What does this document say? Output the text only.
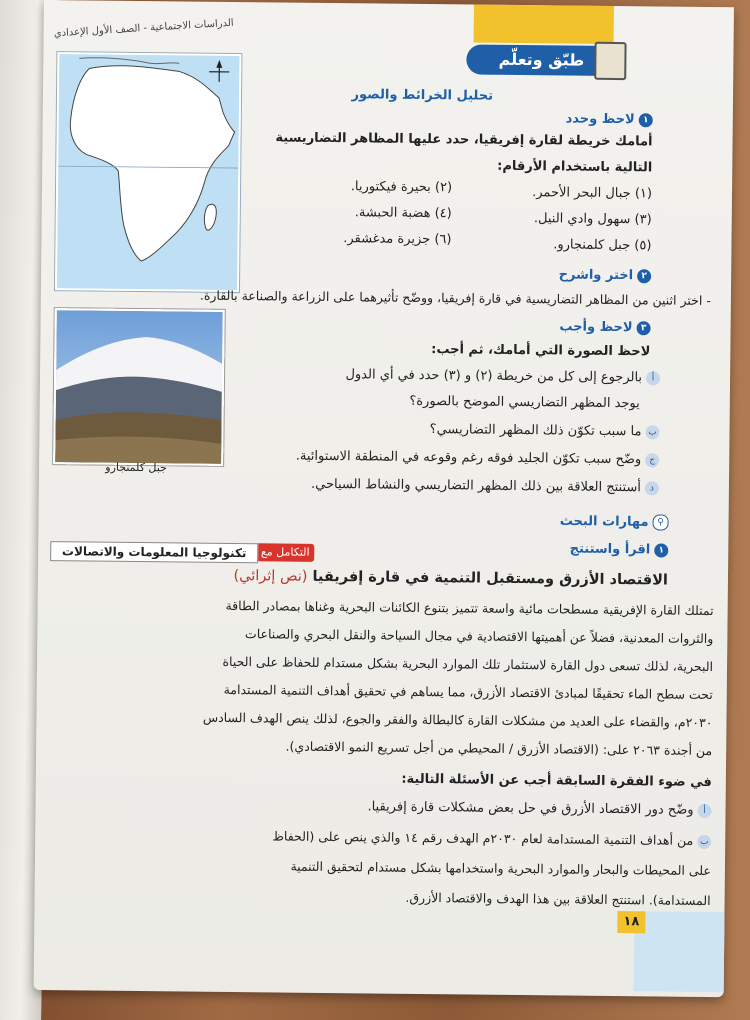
الدراسات الاجتماعية - الصف الأول الإعدادي
طبّق وتعلّم
تحليل الخرائط والصور
١لاحظ وحدد
أمامك خريطة لقارة إفريقيا، حدد عليها المظاهر التضاريسية
التالية باستخدام الأرقام:
(١) جبال البحر الأحمر.
(٢) بحيرة فيكتوريا.
(٣) سهول وادي النيل.
(٤) هضبة الحبشة.
(٥) جبل كلمنجارو.
(٦) جزيرة مدغشقر.
٢اختر واشرح
- اختر اثنين من المظاهر التضاريسية في قارة إفريقيا، ووضّح تأثيرهما على الزراعة والصناعة بالقارة.
جبل كلمنجارو
٣لاحظ وأجب
لاحظ الصورة التي أمامك، ثم أجب:
أبالرجوع إلى كل من خريطة (٢) و (٣) حدد في أي الدول
يوجد المظهر التضاريسي الموضح بالصورة؟
بما سبب تكوّن ذلك المظهر التضاريسي؟
جوضّح سبب تكوّن الجليد فوقه رغم وقوعه في المنطقة الاستوائية.
دأستنتج العلاقة بين ذلك المظهر التضاريسي والنشاط السياحي.
⚲مهارات البحث
١اقرأ واستنتج
التكامل مع
تكنولوجيا المعلومات والاتصالات
الاقتصاد الأزرق ومستقبل التنمية في قارة إفريقيا (نص إثرائي)
تمتلك القارة الإفريقية مسطحات مائية واسعة تتميز بتنوع الكائنات البحرية وغناها بمصادر الطاقة
والثروات المعدنية، فضلاً عن أهميتها الاقتصادية في مجال السياحة والنقل البحري والصناعات
البحرية، لذلك تسعى دول القارة لاستثمار تلك الموارد البحرية بشكل مستدام للحفاظ على الحياة
تحت سطح الماء تحقيقًا لمبادئ الاقتصاد الأزرق، مما يساهم في تحقيق أهداف التنمية المستدامة
٢٠٣٠م، والقضاء على العديد من مشكلات القارة كالبطالة والفقر والجوع، لذلك ينص الهدف السادس
من أجندة ٢٠٦٣ على: (الاقتصاد الأزرق / المحيطي من أجل تسريع النمو الاقتصادي).
في ضوء الفقرة السابقة أجب عن الأسئلة التالية:
أوضّح دور الاقتصاد الأزرق في حل بعض مشكلات قارة إفريقيا.
بمن أهداف التنمية المستدامة لعام ٢٠٣٠م الهدف رقم ١٤ والذي ينص على (الحفاظ
على المحيطات والبحار والموارد البحرية واستخدامها بشكل مستدام لتحقيق التنمية
المستدامة). استنتج العلاقة بين هذا الهدف والاقتصاد الأزرق.
١٨
